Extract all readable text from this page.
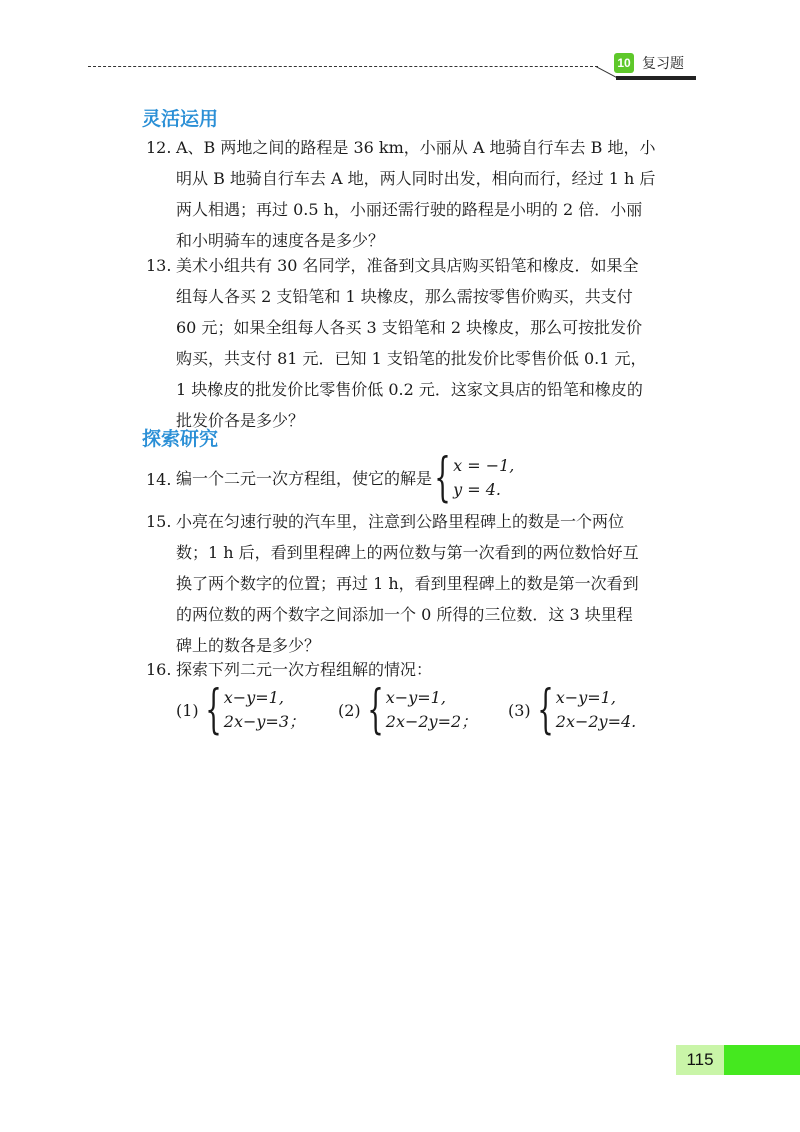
10 复习题
灵活运用
12. A、B 两地之间的路程是 36 km，小丽从 A 地骑自行车去 B 地，小
明从 B 地骑自行车去 A 地，两人同时出发，相向而行，经过 1 h 后
两人相遇；再过 0.5 h，小丽还需行驶的路程是小明的 2 倍．小丽
和小明骑车的速度各是多少？
13. 美术小组共有 30 名同学，准备到文具店购买铅笔和橡皮．如果全
组每人各买 2 支铅笔和 1 块橡皮，那么需按零售价购买，共支付
60 元；如果全组每人各买 3 支铅笔和 2 块橡皮，那么可按批发价
购买，共支付 81 元．已知 1 支铅笔的批发价比零售价低 0.1 元，
1 块橡皮的批发价比零售价低 0.2 元．这家文具店的铅笔和橡皮的
批发价各是多少？
探索研究
14. 编一个二元一次方程组，使它的解是 { x = −1,
y = 4.
15. 小亮在匀速行驶的汽车里，注意到公路里程碑上的数是一个两位
数；1 h 后，看到里程碑上的两位数与第一次看到的两位数恰好互
换了两个数字的位置；再过 1 h，看到里程碑上的数是第一次看到
的两位数的两个数字之间添加一个 0 所得的三位数．这 3 块里程
碑上的数各是多少？
16. 探索下列二元一次方程组解的情况：
(1) { x−y=1,
2x−y=3；
(2) { x−y=1,
2x−2y=2；
(3) { x−y=1,
2x−2y=4.
115
